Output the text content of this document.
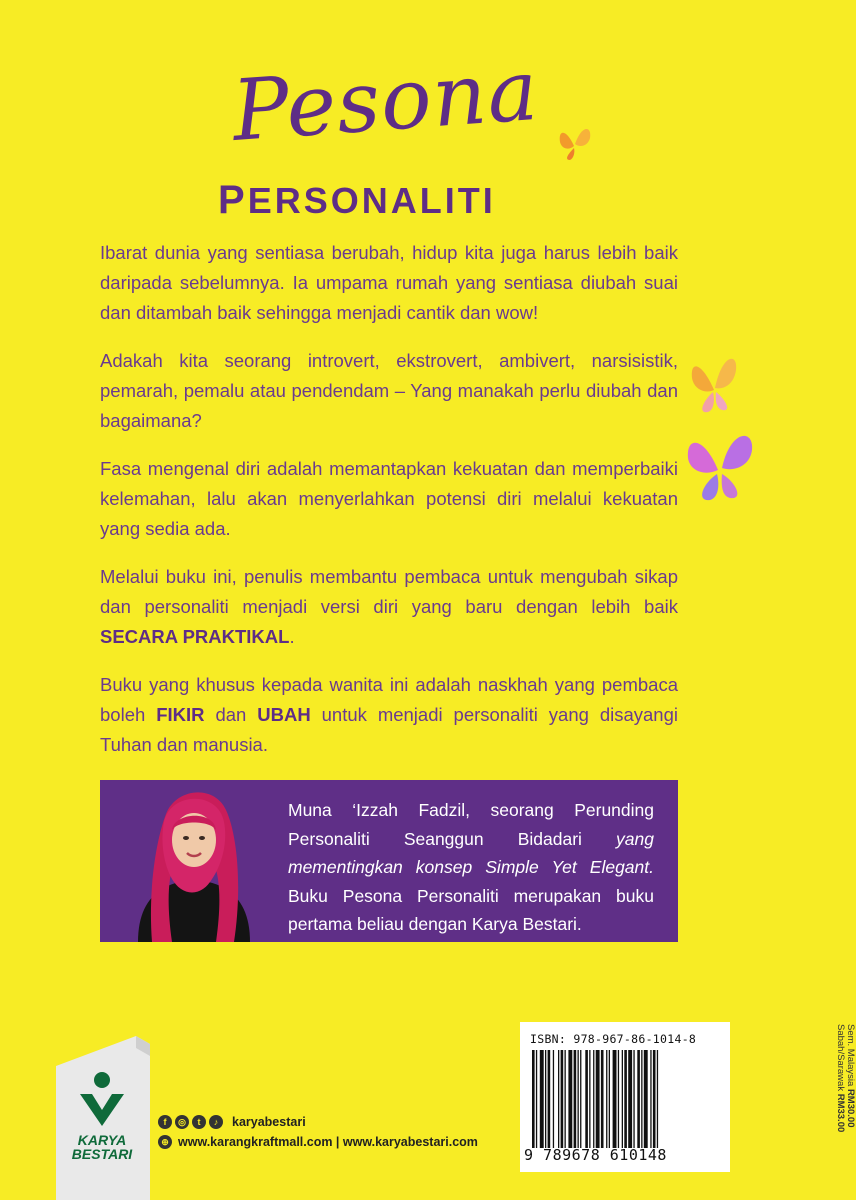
Pesona
PERSONALITI

Ibarat dunia yang sentiasa berubah, hidup kita juga harus lebih baik daripada sebelumnya. Ia umpama rumah yang sentiasa diubah suai dan ditambah baik sehingga menjadi cantik dan wow!

Adakah kita seorang introvert, ekstrovert, ambivert, narsisistik, pemarah, pemalu atau pendendam – Yang manakah perlu diubah dan bagaimana?

Fasa mengenal diri adalah memantapkan kekuatan dan memperbaiki kelemahan, lalu akan menyerlahkan potensi diri melalui kekuatan yang sedia ada.

Melalui buku ini, penulis membantu pembaca untuk mengubah sikap dan personaliti menjadi versi diri yang baru dengan lebih baik SECARA PRAKTIKAL.

Buku yang khusus kepada wanita ini adalah naskhah yang pembaca boleh FIKIR dan UBAH untuk menjadi personaliti yang disayangi Tuhan dan manusia.

Muna ‘Izzah Fadzil, seorang Perunding Personaliti Seanggun Bidadari yang mementingkan konsep Simple Yet Elegant. Buku Pesona Personaliti merupakan buku pertama beliau dengan Karya Bestari.
KARYA
BESTARI
f	◎	t	♪	karyabestari
⊕ www.karangkraftmall.com | www.karyabestari.com
ISBN: 978-967-86-1014-8
9 789678 610148
Sem. Malaysia RM30.00
Sabah/Sarawak RM33.00
